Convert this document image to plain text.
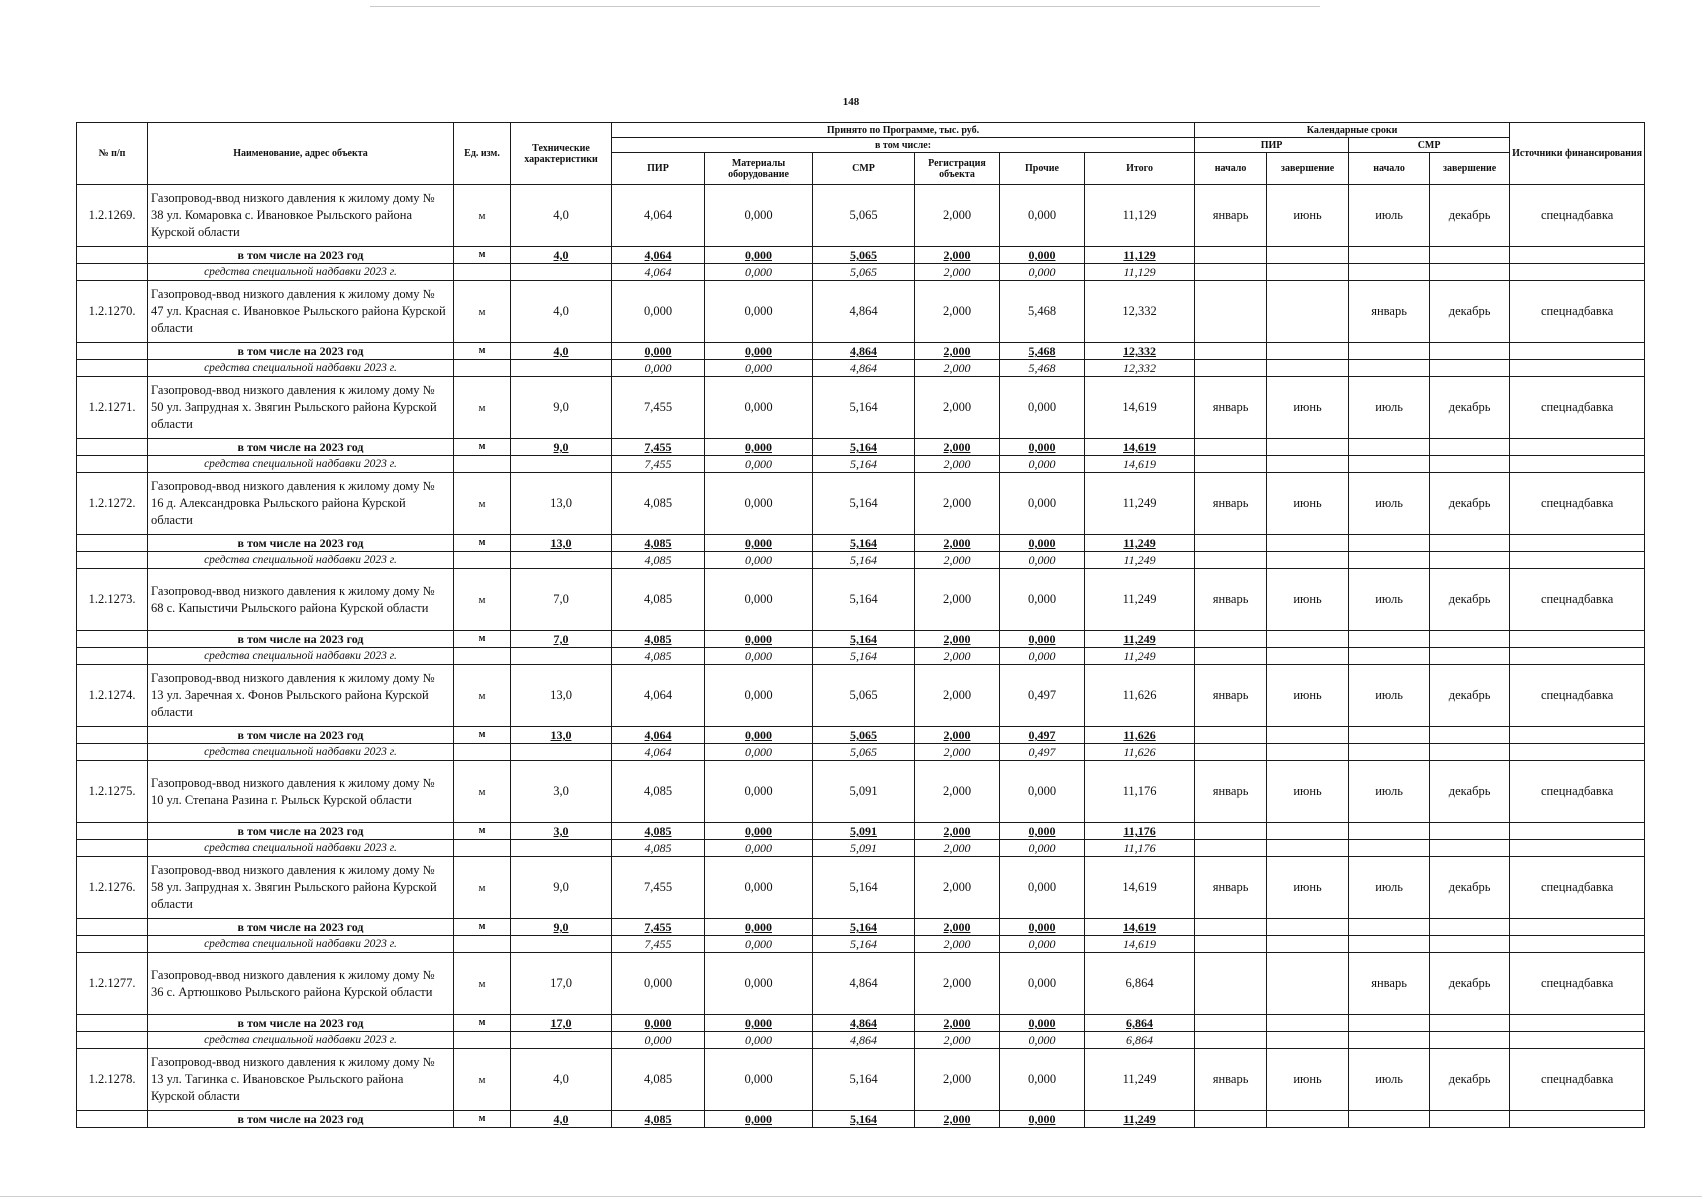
148
№ п/п	Наименование, адрес объекта	Ед. изм.	Технические характеристики	Принято по Программе, тыс. руб.						Календарные сроки				Источники финансирования
				в том числе:						ПИР		СМР		
				ПИР	Материалы оборудование	СМР	Регистрация объекта	Прочие	Итого	начало	завершение	начало	завершение	
1.2.1269.	Газопровод-ввод низкого давления к жилому дому № 38 ул. Комаровка с. Ивановкое Рыльского района Курской области	м	4,0	4,064	0,000	5,065	2,000	0,000	11,129	январь	июнь	июль	декабрь	спецнадбавка
	в том числе на 2023 год	м	4,0	4,064	0,000	5,065	2,000	0,000	11,129					
	средства специальной надбавки 2023 г.			4,064	0,000	5,065	2,000	0,000	11,129					
1.2.1270.	Газопровод-ввод низкого давления к жилому дому № 47 ул. Красная с. Ивановкое Рыльского района Курской области	м	4,0	0,000	0,000	4,864	2,000	5,468	12,332			январь	декабрь	спецнадбавка
	в том числе на 2023 год	м	4,0	0,000	0,000	4,864	2,000	5,468	12,332					
	средства специальной надбавки 2023 г.			0,000	0,000	4,864	2,000	5,468	12,332					
1.2.1271.	Газопровод-ввод низкого давления к жилому дому № 50 ул. Запрудная х. Звягин Рыльского района Курской области	м	9,0	7,455	0,000	5,164	2,000	0,000	14,619	январь	июнь	июль	декабрь	спецнадбавка
	в том числе на 2023 год	м	9,0	7,455	0,000	5,164	2,000	0,000	14,619					
	средства специальной надбавки 2023 г.			7,455	0,000	5,164	2,000	0,000	14,619					
1.2.1272.	Газопровод-ввод низкого давления к жилому дому № 16 д. Александровка Рыльского района Курской области	м	13,0	4,085	0,000	5,164	2,000	0,000	11,249	январь	июнь	июль	декабрь	спецнадбавка
	в том числе на 2023 год	м	13,0	4,085	0,000	5,164	2,000	0,000	11,249					
	средства специальной надбавки 2023 г.			4,085	0,000	5,164	2,000	0,000	11,249					
1.2.1273.	Газопровод-ввод низкого давления к жилому дому № 68 с. Капыстичи Рыльского района Курской области	м	7,0	4,085	0,000	5,164	2,000	0,000	11,249	январь	июнь	июль	декабрь	спецнадбавка
	в том числе на 2023 год	м	7,0	4,085	0,000	5,164	2,000	0,000	11,249					
	средства специальной надбавки 2023 г.			4,085	0,000	5,164	2,000	0,000	11,249					
1.2.1274.	Газопровод-ввод низкого давления к жилому дому № 13 ул. Заречная х. Фонов Рыльского района Курской области	м	13,0	4,064	0,000	5,065	2,000	0,497	11,626	январь	июнь	июль	декабрь	спецнадбавка
	в том числе на 2023 год	м	13,0	4,064	0,000	5,065	2,000	0,497	11,626					
	средства специальной надбавки 2023 г.			4,064	0,000	5,065	2,000	0,497	11,626					
1.2.1275.	Газопровод-ввод низкого давления к жилому дому № 10 ул. Степана Разина г. Рыльск Курской области	м	3,0	4,085	0,000	5,091	2,000	0,000	11,176	январь	июнь	июль	декабрь	спецнадбавка
	в том числе на 2023 год	м	3,0	4,085	0,000	5,091	2,000	0,000	11,176					
	средства специальной надбавки 2023 г.			4,085	0,000	5,091	2,000	0,000	11,176					
1.2.1276.	Газопровод-ввод низкого давления к жилому дому № 58 ул. Запрудная х. Звягин Рыльского района Курской области	м	9,0	7,455	0,000	5,164	2,000	0,000	14,619	январь	июнь	июль	декабрь	спецнадбавка
	в том числе на 2023 год	м	9,0	7,455	0,000	5,164	2,000	0,000	14,619					
	средства специальной надбавки 2023 г.			7,455	0,000	5,164	2,000	0,000	14,619					
1.2.1277.	Газопровод-ввод низкого давления к жилому дому № 36 с. Артюшково Рыльского района Курской области	м	17,0	0,000	0,000	4,864	2,000	0,000	6,864			январь	декабрь	спецнадбавка
	в том числе на 2023 год	м	17,0	0,000	0,000	4,864	2,000	0,000	6,864					
	средства специальной надбавки 2023 г.			0,000	0,000	4,864	2,000	0,000	6,864					
1.2.1278.	Газопровод-ввод низкого давления к жилому дому № 13 ул. Тагинка с. Ивановское Рыльского района Курской области	м	4,0	4,085	0,000	5,164	2,000	0,000	11,249	январь	июнь	июль	декабрь	спецнадбавка
	в том числе на 2023 год	м	4,0	4,085	0,000	5,164	2,000	0,000	11,249					
